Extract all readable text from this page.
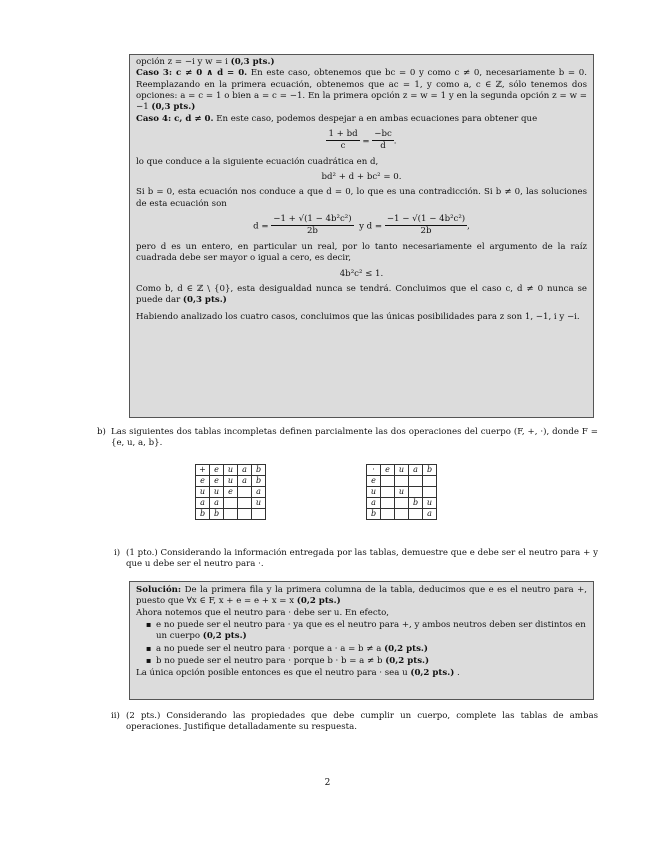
opción z = −i y w = i (0,3 pts.)

Caso 3: c ≠ 0 ∧ d = 0. En este caso, obtenemos que bc = 0 y como c ≠ 0, necesariamente b = 0. Reemplazando en la primera ecuación, obtenemos que ac = 1, y como a, c ∈ ℤ, sólo tenemos dos opciones: a = c = 1 o bien a = c = −1. En la primera opción z = w = 1 y en la segunda opción z = w = −1 (0,3 pts.)

Caso 4: c, d ≠ 0. En este caso, podemos despejar a en ambas ecuaciones para obtener que

$\frac{1 + bd}{c} = \frac{-bc}{d}$ .

lo que conduce a la siguiente ecuación cuadrática en d,

bd² + d + bc² = 0.

Si b = 0, esta ecuación nos conduce a que d = 0, lo que es una contradicción. Si b ≠ 0, las soluciones de esta ecuación son

$d = \frac{\text{−1 + √(1 − 4b²c²)}}{2b}$ y $d = \frac{\text{−1 − √(1 − 4b²c²)}}{2b}$ ,

pero d es un entero, en particular un real, por lo tanto necesariamente el argumento de la raíz cuadrada debe ser mayor o igual a cero, es decir,

4b²c² ≤ 1.

Como b, d ∈ ℤ \ {0}, esta desigualdad nunca se tendrá. Concluimos que el caso c, d ≠ 0 nunca se puede dar (0,3 pts.)

Habiendo analizado los cuatro casos, concluimos que las únicas posibilidades para z son 1, −1, i y −i.

b) Las siguientes dos tablas incompletas definen parcialmente las dos operaciones del cuerpo (F, +, ·), donde F = {e, u, a, b}.
+	e	u	a	b
e	e	u	a	b
u	u	e		a
a	a			u
b	b			
·	e	u	a	b
e				
u		u		
a			b	u
b				a
i) (1 pto.) Considerando la información entregada por las tablas, demuestre que e debe ser el neutro para + y que u debe ser el neutro para ·.

Solución: De la primera fila y la primera columna de la tabla, deducimos que e es el neutro para +, puesto que ∀x ∈ F, x + e = e + x = x (0,2 pts.)

Ahora notemos que el neutro para · debe ser u. En efecto,

▪ e no puede ser el neutro para · ya que es el neutro para +, y ambos neutros deben ser distintos en un cuerpo (0,2 pts.)
▪ a no puede ser el neutro para · porque a · a = b ≠ a (0,2 pts.)
▪ b no puede ser el neutro para · porque b · b = a ≠ b (0,2 pts.)

La única opción posible entonces es que el neutro para · sea u (0,2 pts.) .

ii) (2 pts.) Considerando las propiedades que debe cumplir un cuerpo, complete las tablas de ambas operaciones. Justifique detalladamente su respuesta.
2
